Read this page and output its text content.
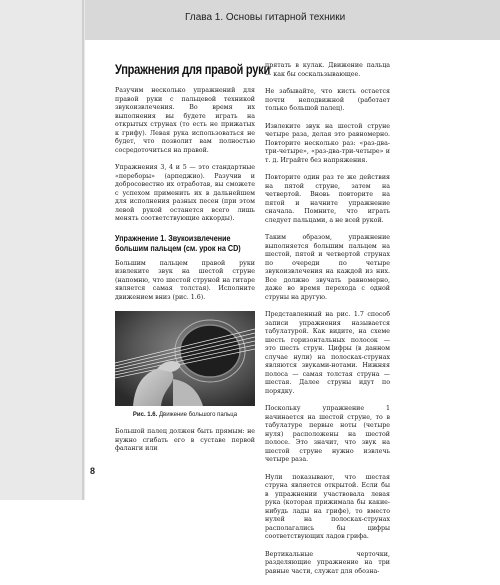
Глава 1. Основы гитарной техники
Упражнения для правой руки

Разучим несколько упражнений для правой руки с пальцевой техникой звукоизвлечения. Во время их выполнения вы будете играть на открытых струнах (то есть не прижатых к грифу). Левая рука использоваться не будет, что позволит вам полностью сосредоточиться на правой.

Упражнения 3, 4 и 5 — это стандартные «переборы» (арпеджио). Разучив и добросовестно их отработав, вы сможете с успехом применить их в дальнейшем для исполнения разных песен (при этом левой рукой останется всего лишь менять соответствующие аккорды).

Упражнение 1. Звукоизвлечение большим пальцем (см. урок на CD)

Большим пальцем правой руки извлеките звук на шестой струне (напомню, что шестой струной на гитаре является самая толстая). Исполните движением вниз (рис. 1.6).

Рис. 1.6. Движение большого пальца

Большой палец должен быть прямым: не нужно сгибать его в суставе первой фаланги или

прятать в кулак. Движение пальца — как бы соскальзывающее.

Не забывайте, что кисть остается почти неподвижной (работает только большой палец).

Извлеките звук на шестой струне четыре раза, делая это равномерно. Повторите несколько раз: «раз-два-три-четыре», «раз-два-три-четыре» и т. д. Играйте без напряжения.

Повторите один раз те же действия на пятой струне, затем на четвертой. Вновь повторите на пятой и начните упражнение сначала. Помните, что играть следует пальцами, а не всей рукой.

Таким образом, упражнение выполняется большим пальцем на шестой, пятой и четвертой струнах по очереди по четыре звукоизвлечения на каждой из них. Все должно звучать равномерно, даже во время перехода с одной струны на другую.

Представленный на рис. 1.7 способ записи упражнения называется табулатурой. Как видите, на схеме шесть горизонтальных полосок — это шесть струн. Цифры (в данном случае нули) на полосках-струнах являются звуками-нотами. Нижняя полоса — самая толстая струна — шестая. Далее струны идут по порядку.

Поскольку упражнение 1 начинается на шестой струне, то в табулатуре первые ноты (четыре нуля) расположены на шестой полосе. Это значит, что звук на шестой струне нужно извлечь четыре раза.

Нули показывают, что шестая струна является открытой. Если бы в упражнении участвовала левая рука (которая прижимала бы какие-нибудь лады на грифе), то вместо нулей на полосках-струнах располагались бы цифры соответствующих ладов грифа.

Вертикальные черточки, разделяющие упражнение на три равные части, служат для обозна-

8
